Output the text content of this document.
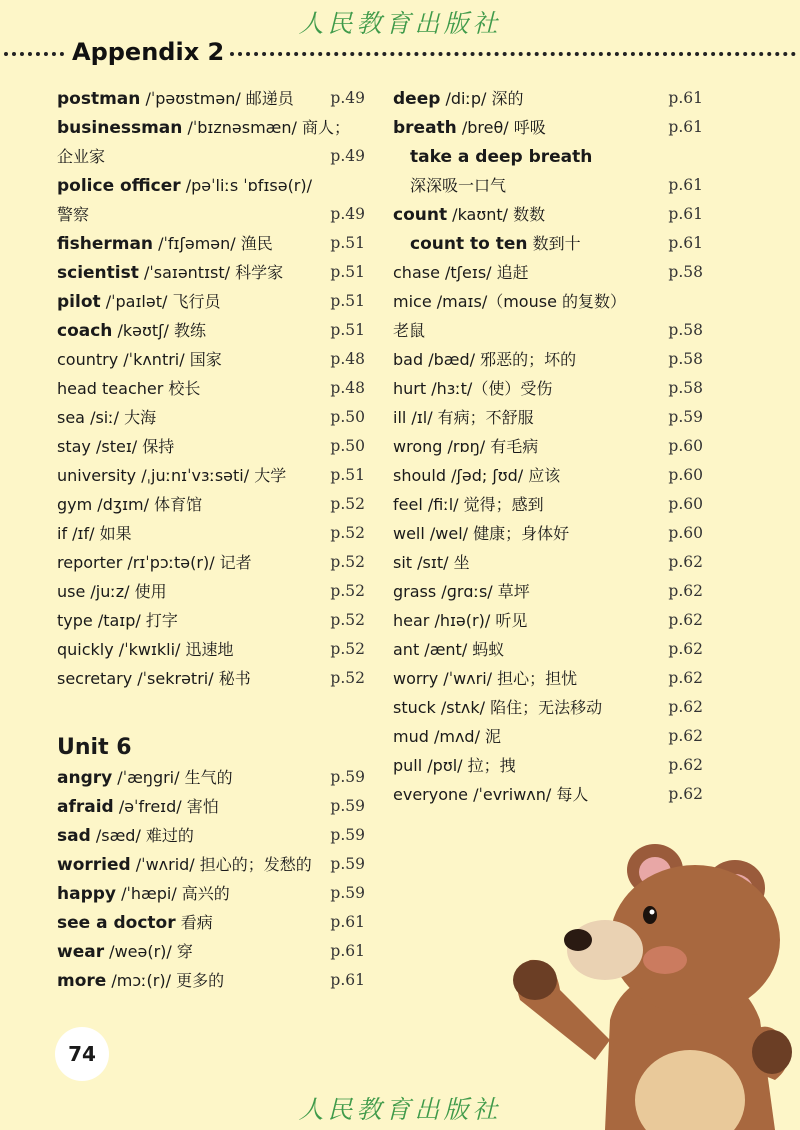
人民教育出版社
Appendix 2
postman /ˈpəʊstmən/ 邮递员 p.49
businessman /ˈbɪznəsmæn/ 商人；
企业家	p.49
police officer /pəˈliːs ˈɒfɪsə(r)/
警察	p.49
fisherman /ˈfɪʃəmən/ 渔民	p.51
scientist /ˈsaɪəntɪst/ 科学家	p.51
pilot /ˈpaɪlət/ 飞行员	p.51
coach /kəʊtʃ/ 教练	p.51
country /ˈkʌntri/ 国家	p.48
head teacher 校长	p.48
sea /siː/ 大海	p.50
stay /steɪ/ 保持	p.50
university /ˌjuːnɪˈvɜːsəti/ 大学	p.51
gym /dʒɪm/ 体育馆	p.52
if /ɪf/ 如果	p.52
reporter /rɪˈpɔːtə(r)/ 记者	p.52
use /juːz/ 使用	p.52
type /taɪp/ 打字	p.52
quickly /ˈkwɪkli/ 迅速地	p.52
secretary /ˈsekrətri/ 秘书	p.52
Unit 6
angry /ˈæŋgri/ 生气的	p.59
afraid /əˈfreɪd/ 害怕	p.59
sad /sæd/ 难过的	p.59
worried /ˈwʌrid/ 担心的；发愁的 p.59
happy /ˈhæpi/ 高兴的	p.59
see a doctor 看病	p.61
wear /weə(r)/ 穿	p.61
more /mɔː(r)/ 更多的	p.61
deep /diːp/ 深的	p.61
breath /breθ/ 呼吸	p.61
take a deep breath
深深吸一口气	p.61
count /kaʊnt/ 数数	p.61
count to ten 数到十	p.61
chase /tʃeɪs/ 追赶	p.58
mice /maɪs/（mouse 的复数）
老鼠	p.58
bad /bæd/ 邪恶的；坏的	p.58
hurt /hɜːt/（使）受伤	p.58
ill /ɪl/ 有病；不舒服	p.59
wrong /rɒŋ/ 有毛病	p.60
should /ʃəd; ʃʊd/ 应该	p.60
feel /fiːl/ 觉得；感到	p.60
well /wel/ 健康；身体好	p.60
sit /sɪt/ 坐	p.62
grass /ɡrɑːs/ 草坪	p.62
hear /hɪə(r)/ 听见	p.62
ant /ænt/ 蚂蚁	p.62
worry /ˈwʌri/ 担心；担忧	p.62
stuck /stʌk/ 陷住；无法移动	p.62
mud /mʌd/ 泥	p.62
pull /pʊl/ 拉；拽	p.62
everyone /ˈevriwʌn/ 每人	p.62
74
人民教育出版社
